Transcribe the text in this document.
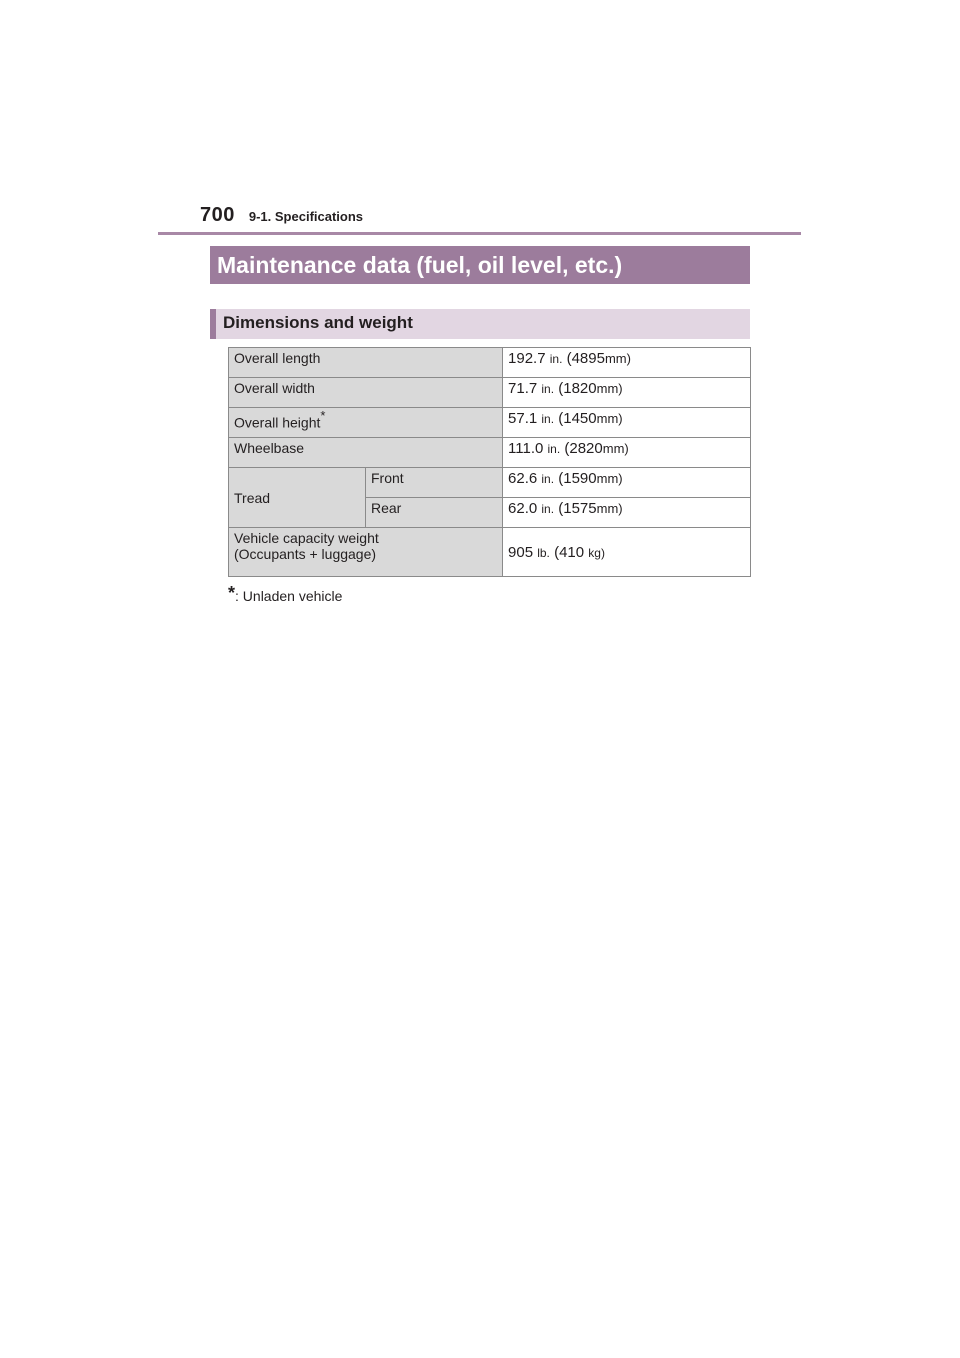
700 9-1. Specifications
Maintenance data (fuel, oil level, etc.)
Dimensions and weight
Overall length		192.7 in. (4895mm)
Overall width		71.7 in. (1820mm)
Overall height*		57.1 in. (1450mm)
Wheelbase		111.0 in. (2820mm)
Tread	Front	62.6 in. (1590mm)
	Rear	62.0 in. (1575mm)
Vehicle capacity weight
(Occupants + luggage)		905 lb. (410 kg)
*: Unladen vehicle
